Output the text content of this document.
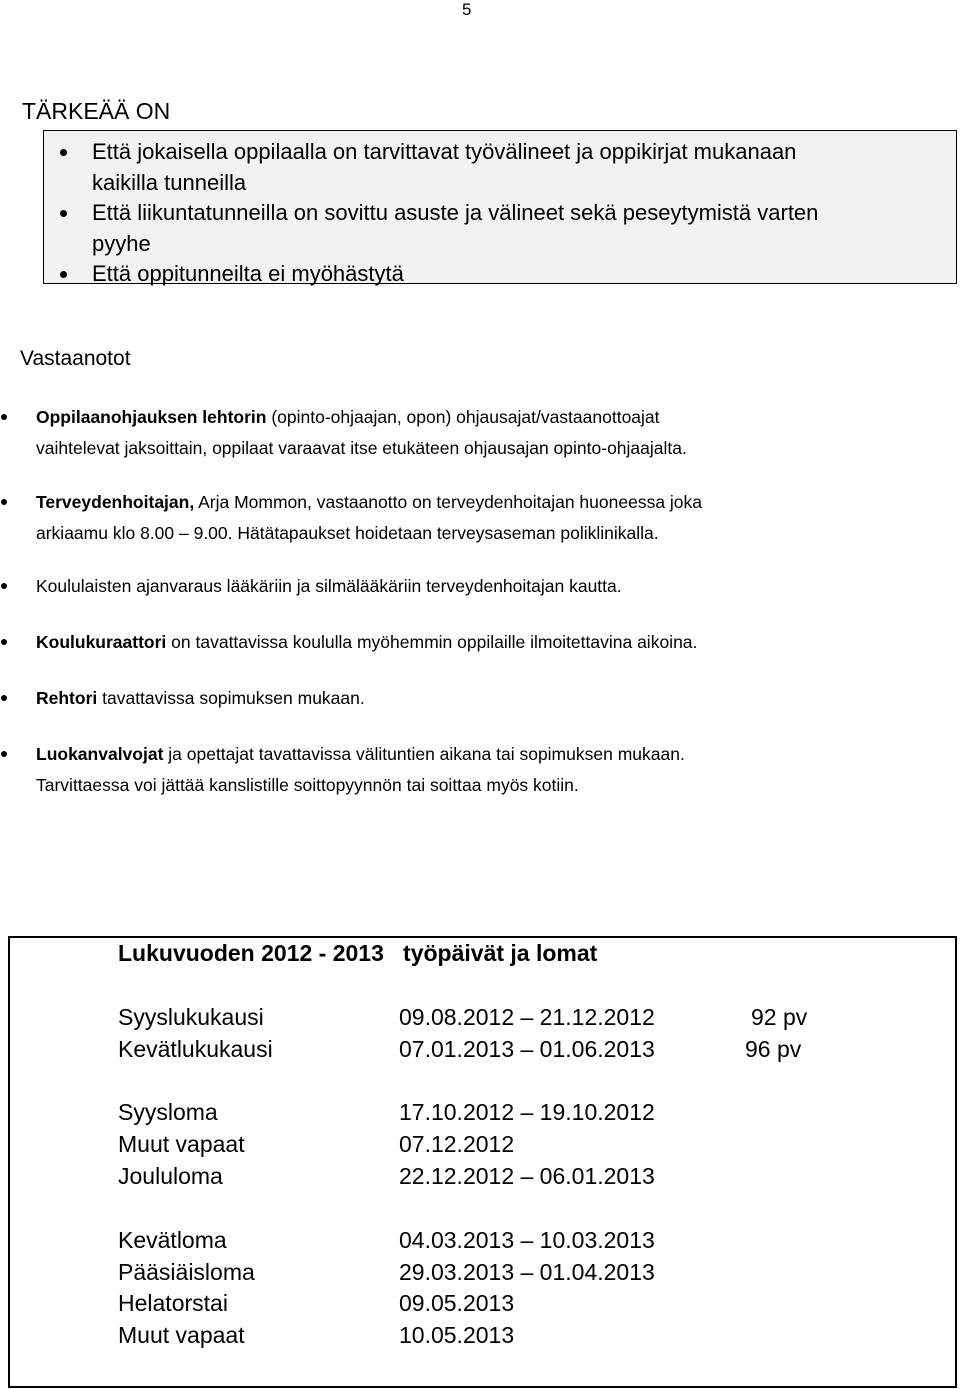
5
TÄRKEÄÄ ON
Että jokaisella oppilaalla on tarvittavat työvälineet ja oppikirjat mukanaan
kaikilla tunneilla
Että liikuntatunneilla on sovittu asuste ja välineet sekä peseytymistä varten
pyyhe
Että oppitunneilta ei myöhästytä
Vastaanotot
Oppilaanohjauksen lehtorin (opinto-ohjaajan, opon) ohjausajat/vastaanottoajat
vaihtelevat jaksoittain, oppilaat varaavat itse etukäteen ohjausajan opinto-ohjaajalta.
Terveydenhoitajan, Arja Mommon, vastaanotto on terveydenhoitajan huoneessa joka
arkiaamu klo 8.00 – 9.00. Hätätapaukset hoidetaan terveysaseman poliklinikalla.
Koululaisten ajanvaraus lääkäriin ja silmälääkäriin terveydenhoitajan kautta.
Koulukuraattori on tavattavissa koululla myöhemmin oppilaille ilmoitettavina aikoina.
Rehtori tavattavissa sopimuksen mukaan.
Luokanvalvojat ja opettajat tavattavissa välituntien aikana tai sopimuksen mukaan.
Tarvittaessa voi jättää kanslistille soittopyynnön tai soittaa myös kotiin.
Lukuvuoden 2012 - 2013   työpäivät ja lomat
Syyslukukausi	09.08.2012 – 21.12.2012	92 pv
Kevätlukukausi	07.01.2013 – 01.06.2013	96 pv
Syysloma	17.10.2012 – 19.10.2012
Muut vapaat	07.12.2012
Joululoma	22.12.2012 – 06.01.2013
Kevätloma	04.03.2013 – 10.03.2013
Pääsiäisloma	29.03.2013 – 01.04.2013
Helatorstai	09.05.2013
Muut vapaat	10.05.2013
